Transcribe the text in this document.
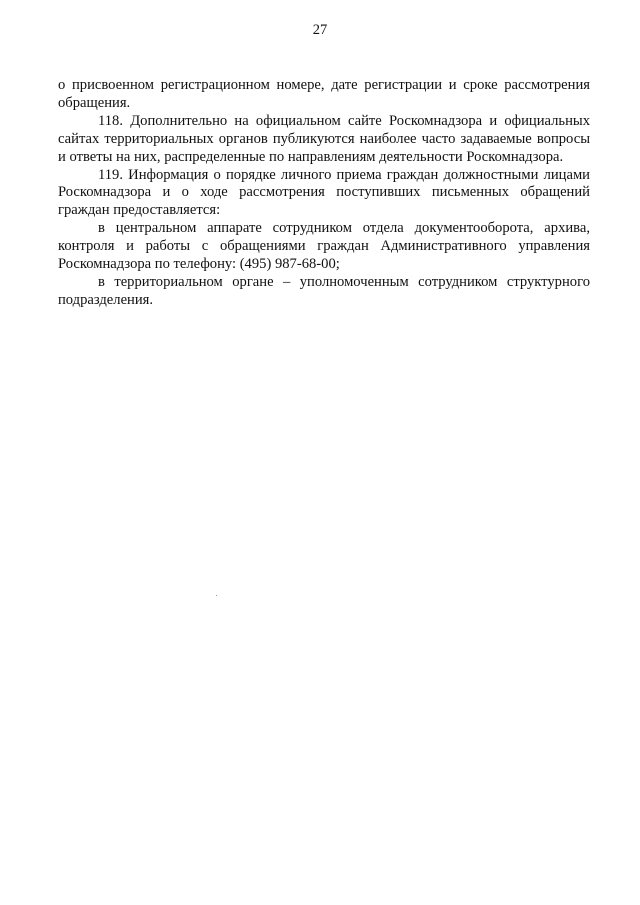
27

о присвоенном регистрационном номере, дате регистрации и сроке рассмотрения обращения.

118. Дополнительно на официальном сайте Роскомнадзора и официальных сайтах территориальных органов публикуются наиболее часто задаваемые вопросы и ответы на них, распределенные по направлениям деятельности Роскомнадзора.

119. Информация о порядке личного приема граждан должностными лицами Роскомнадзора и о ходе рассмотрения поступивших письменных обращений граждан предоставляется:

в центральном аппарате сотрудником отдела документооборота, архива, контроля и работы с обращениями граждан Административного управления Роскомнадзора по телефону: (495) 987-68-00;

в территориальном органе – уполномоченным сотрудником структурного подразделения.
